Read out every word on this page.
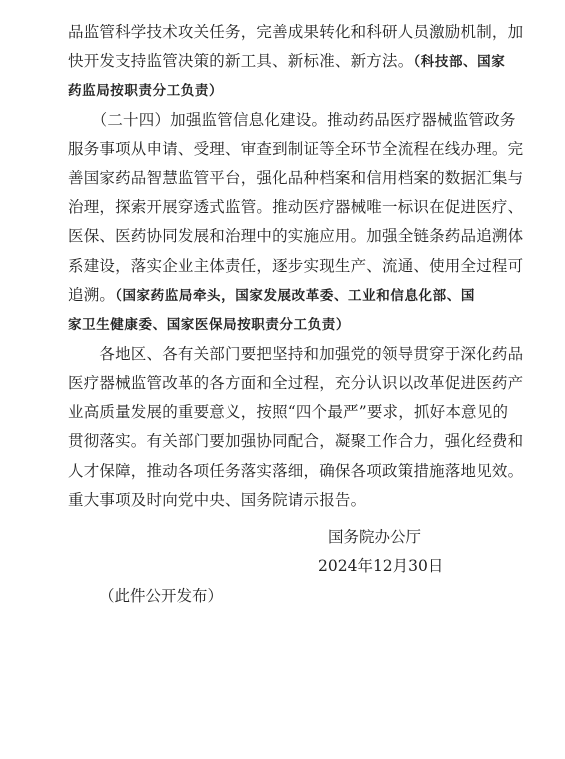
品监管科学技术攻关任务，完善成果转化和科研人员激励机制，加
快开发支持监管决策的新工具、新标准、新方法。（科技部、国家
药监局按职责分工负责）
　　（二十四）加强监管信息化建设。推动药品医疗器械监管政务
服务事项从申请、受理、审查到制证等全环节全流程在线办理。完
善国家药品智慧监管平台，强化品种档案和信用档案的数据汇集与
治理，探索开展穿透式监管。推动医疗器械唯一标识在促进医疗、
医保、医药协同发展和治理中的实施应用。加强全链条药品追溯体
系建设，落实企业主体责任，逐步实现生产、流通、使用全过程可
追溯。（国家药监局牵头，国家发展改革委、工业和信息化部、国
家卫生健康委、国家医保局按职责分工负责）
　　各地区、各有关部门要把坚持和加强党的领导贯穿于深化药品
医疗器械监管改革的各方面和全过程，充分认识以改革促进医药产
业高质量发展的重要意义，按照“四个最严”要求，抓好本意见的
贯彻落实。有关部门要加强协同配合，凝聚工作合力，强化经费和
人才保障，推动各项任务落实落细，确保各项政策措施落地见效。
重大事项及时向党中央、国务院请示报告。
国务院办公厅
2024年12月30日
（此件公开发布）
